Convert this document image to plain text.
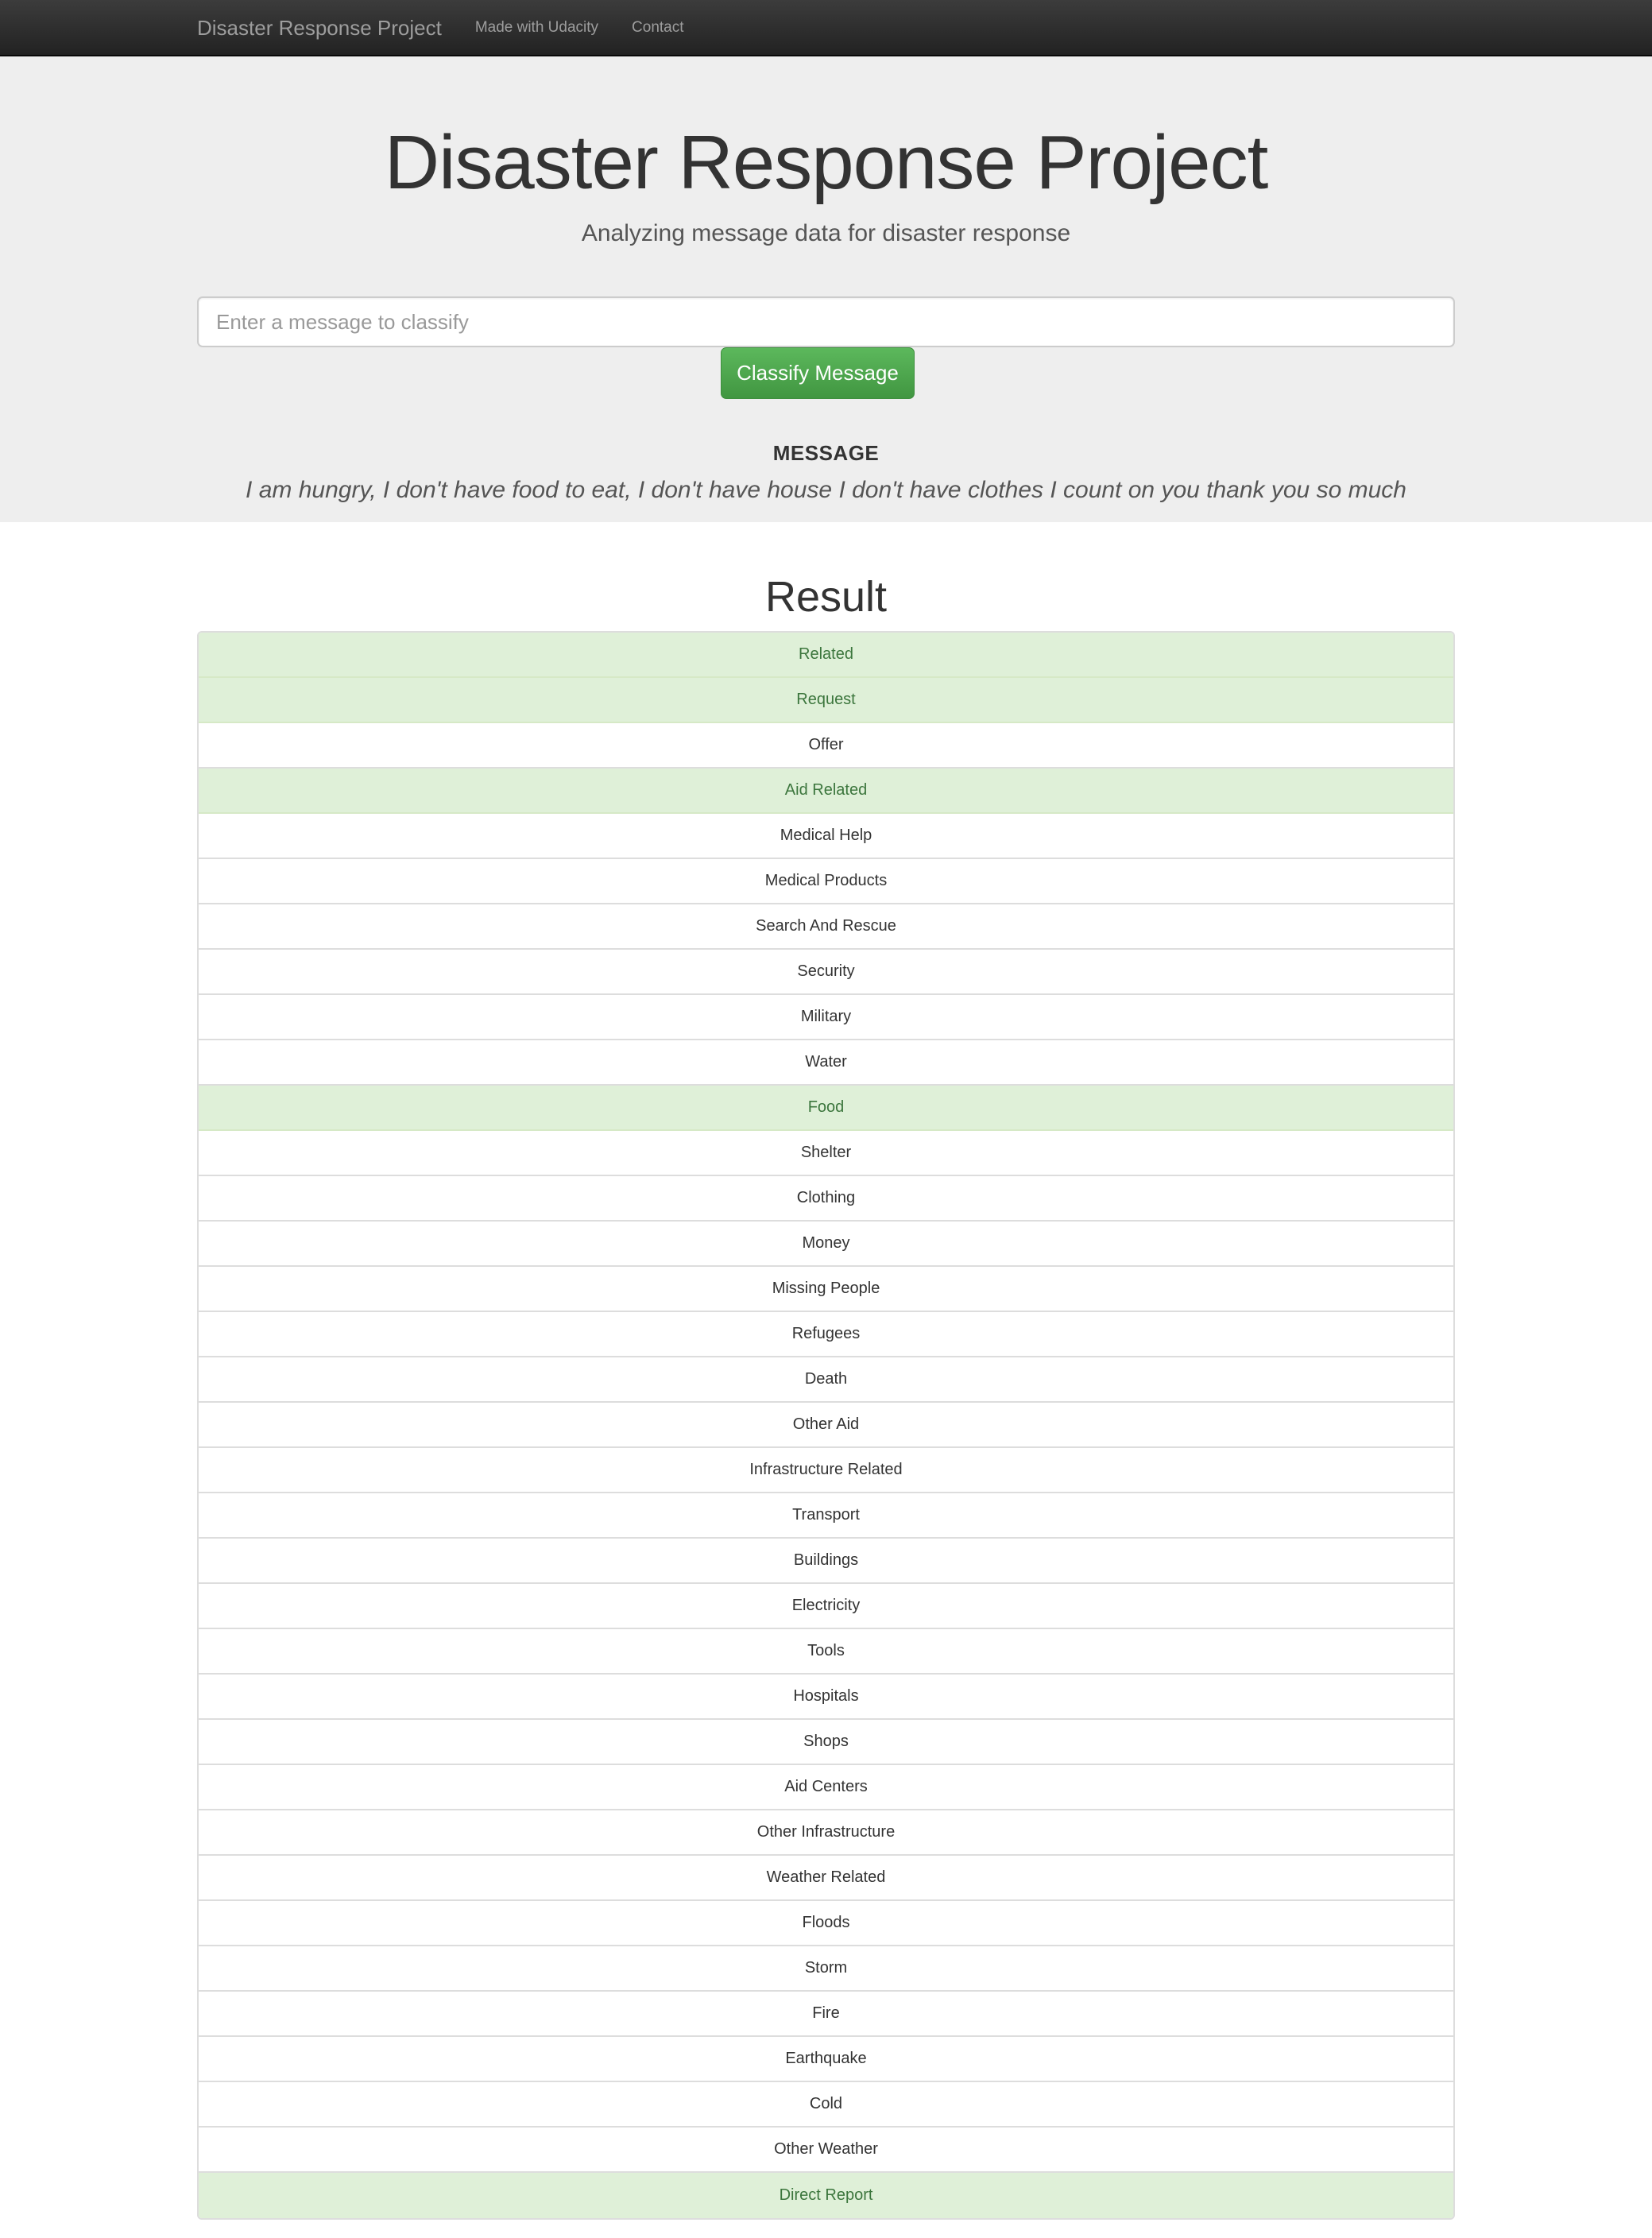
Disaster Response Project Made with Udacity Contact
Disaster Response Project

Analyzing message data for disaster response

Enter a message to classify
Classify Message
MESSAGE

I am hungry, I don't have food to eat, I don't have house I don't have clothes I count on you thank you so much

Result
Related
Request
Offer
Aid Related
Medical Help
Medical Products
Search And Rescue
Security
Military
Water
Food
Shelter
Clothing
Money
Missing People
Refugees
Death
Other Aid
Infrastructure Related
Transport
Buildings
Electricity
Tools
Hospitals
Shops
Aid Centers
Other Infrastructure
Weather Related
Floods
Storm
Fire
Earthquake
Cold
Other Weather
Direct Report
